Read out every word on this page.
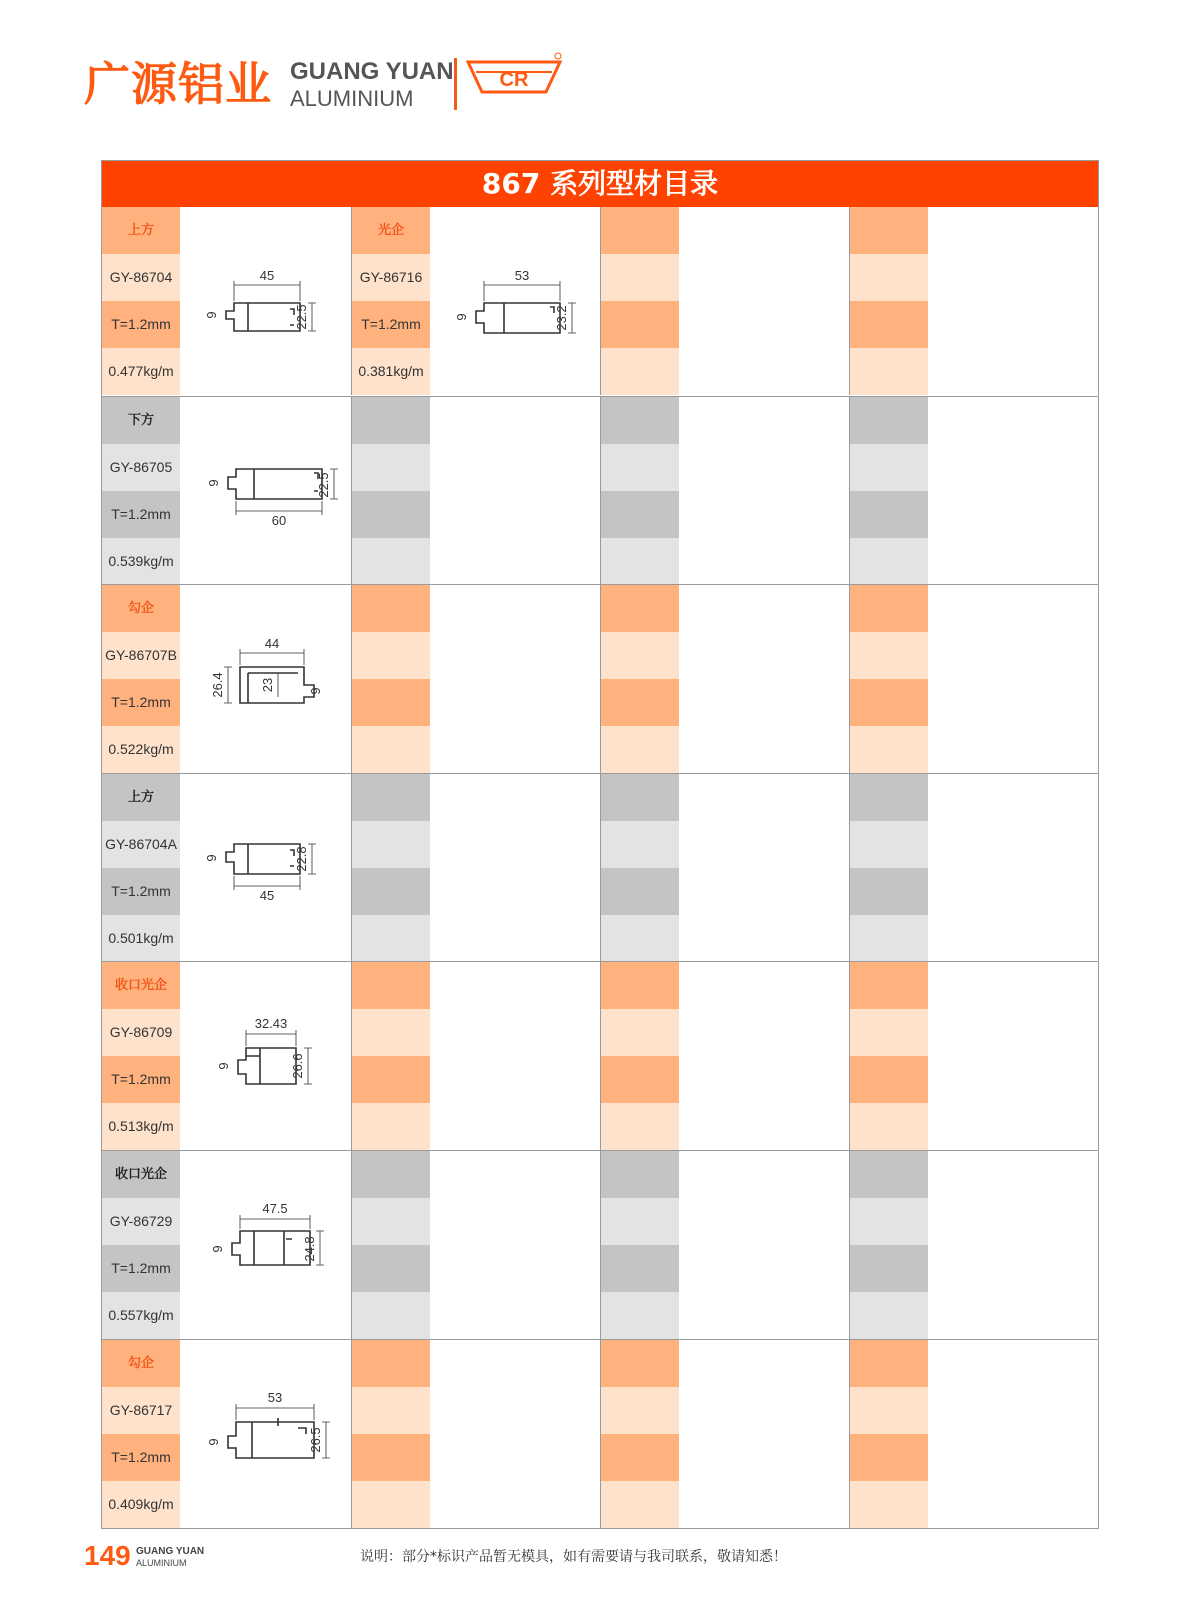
广源铝业 GUANG YUAN
ALUMINIUM
CR
867 系列型材目录
上方
GY-86704
T=1.2mm
0.477kg/m
45
9	22.5
光企
GY-86716
T=1.2mm
0.381kg/m
53
9	23.2
下方
GY-86705
T=1.2mm
0.539kg/m
60
9	22.5
勾企
GY-86707B
T=1.2mm
0.522kg/m
44
26.4	23	9
上方
GY-86704A
T=1.2mm
0.501kg/m
45
9	22.8
收口光企
GY-86709
T=1.2mm
0.513kg/m
32.43
9	26.6
收口光企
GY-86729
T=1.2mm
0.557kg/m
47.5
9	24.8
勾企
GY-86717
T=1.2mm
0.409kg/m
53
9	26.5
149 GUANG YUAN
ALUMINIUM	说明：部分*标识产品暂无模具，如有需要请与我司联系，敬请知悉！
